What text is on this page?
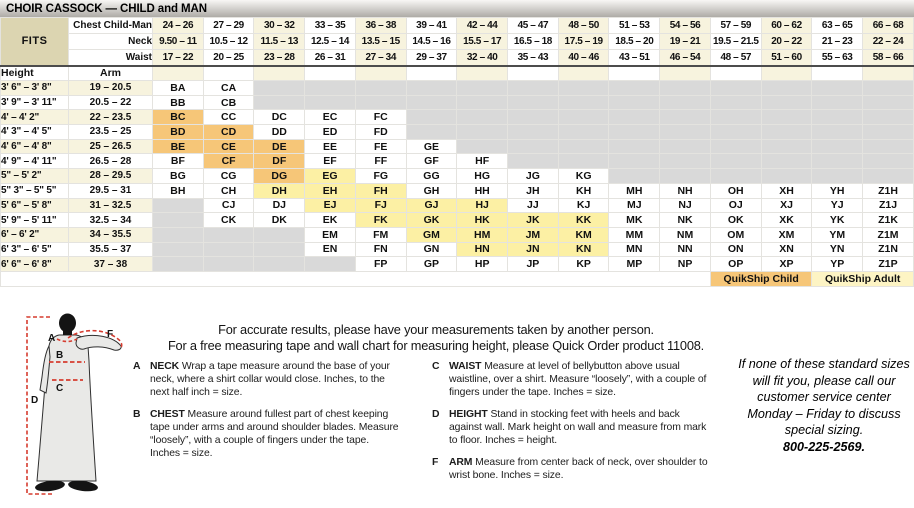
CHOIR CASSOCK — CHILD and MAN
FITS	Chest Child-Man	24 – 26	27 – 29	30 – 32	33 – 35	36 – 38	39 – 41	42 – 44	45 – 47	48 – 50	51 – 53	54 – 56	57 – 59	60 – 62	63 – 65	66 – 68
	Neck	9.50 – 11	10.5 – 12	11.5 – 13	12.5 – 14	13.5 – 15	14.5 – 16	15.5 – 17	16.5 – 18	17.5 – 19	18.5 – 20	19 – 21	19.5 – 21.5	20 – 22	21 – 23	22 – 24
	Waist	17 – 22	20 – 25	23 – 28	26 – 31	27 – 34	29 – 37	32 – 40	35 – 43	40 – 46	43 – 51	46 – 54	48 – 57	51 – 60	55 – 63	58 – 66
Height	Arm															
3' 6" – 3' 8"	19 – 20.5	BA	CA													
3' 9" – 3' 11"	20.5 – 22	BB	CB													
4' – 4' 2"	22 – 23.5	BC	CC	DC	EC	FC										
4' 3" – 4' 5"	23.5 – 25	BD	CD	DD	ED	FD										
4' 6" – 4' 8"	25 – 26.5	BE	CE	DE	EE	FE	GE									
4' 9" – 4' 11"	26.5 – 28	BF	CF	DF	EF	FF	GF	HF								
5" – 5' 2"	28 – 29.5	BG	CG	DG	EG	FG	GG	HG	JG	KG						
5" 3" – 5" 5"	29.5 – 31	BH	CH	DH	EH	FH	GH	HH	JH	KH	MH	NH	OH	XH	YH	Z1H
5' 6" – 5' 8"	31 – 32.5		CJ	DJ	EJ	FJ	GJ	HJ	JJ	KJ	MJ	NJ	OJ	XJ	YJ	Z1J
5' 9" – 5' 11"	32.5 – 34		CK	DK	EK	FK	GK	HK	JK	KK	MK	NK	OK	XK	YK	Z1K
6' – 6' 2"	34 – 35.5				EM	FM	GM	HM	JM	KM	MM	NM	OM	XM	YM	Z1M
6' 3" – 6' 5"	35.5 – 37				EN	FN	GN	HN	JN	KN	MN	NN	ON	XN	YN	Z1N
6' 6" – 6' 8"	37 – 38					FP	GP	HP	JP	KP	MP	NP	OP	XP	YP	Z1P
													QuikShip Child		QuikShip Adult	
A
B
C
D
F	For accurate results, please have your measurements taken by another person.
For a free measuring tape and wall chart for measuring height, please Quick Order product 11008.
A NECK Wrap a tape measure around the base of your neck, where a shirt collar would close. Inches, to the next half inch = size.
B CHEST Measure around fullest part of chest keeping tape under arms and around shoulder blades. Measure “loosely”, with a couple of fingers under the tape. Inches = size.
C WAIST Measure at level of bellybutton above usual waistline, over a shirt. Measure “loosely”, with a couple of fingers under the tape. Inches = size.
D HEIGHT Stand in stocking feet with heels and back against wall. Mark height on wall and measure from mark to floor. Inches = height.
F ARM Measure from center back of neck, over shoulder to wrist bone. Inches = size.
If none of these standard sizes will fit you, please call our customer service center Monday – Friday to discuss special sizing.
800-225-2569.
